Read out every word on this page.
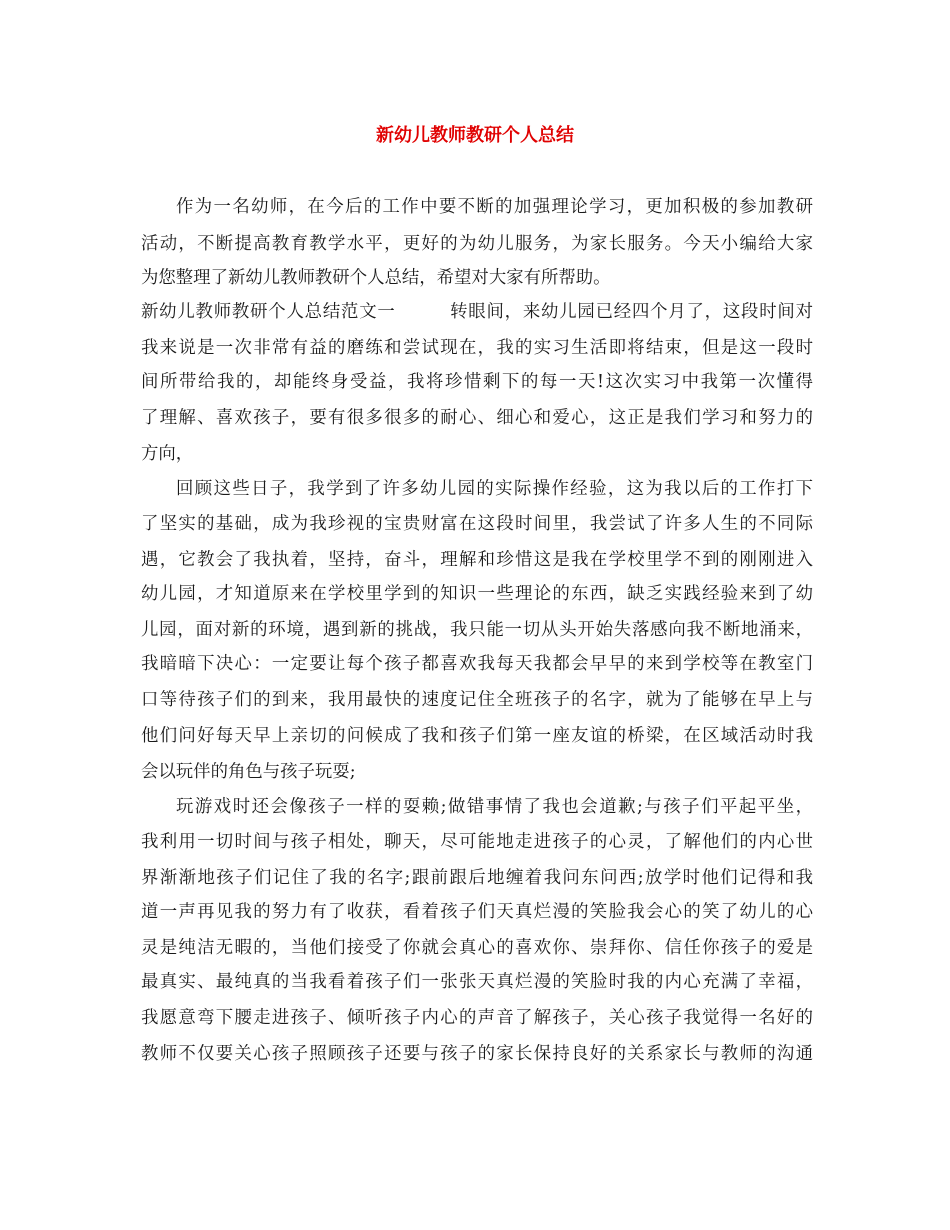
新幼儿教师教研个人总结
作为一名幼师，在今后的工作中要不断的加强理论学习，更加积极的参加教研
活动，不断提高教育教学水平，更好的为幼儿服务，为家长服务。今天小编给大家
为您整理了新幼儿教师教研个人总结，希望对大家有所帮助。
新幼儿教师教研个人总结范文一　　　转眼间，来幼儿园已经四个月了，这段时间对
我来说是一次非常有益的磨练和尝试现在，我的实习生活即将结束，但是这一段时
间所带给我的，却能终身受益，我将珍惜剩下的每一天!这次实习中我第一次懂得
了理解、喜欢孩子，要有很多很多的耐心、细心和爱心，这正是我们学习和努力的
方向，
回顾这些日子，我学到了许多幼儿园的实际操作经验，这为我以后的工作打下
了坚实的基础，成为我珍视的宝贵财富在这段时间里，我尝试了许多人生的不同际
遇，它教会了我执着，坚持，奋斗，理解和珍惜这是我在学校里学不到的刚刚进入
幼儿园，才知道原来在学校里学到的知识一些理论的东西，缺乏实践经验来到了幼
儿园，面对新的环境，遇到新的挑战，我只能一切从头开始失落感向我不断地涌来，
我暗暗下决心：一定要让每个孩子都喜欢我每天我都会早早的来到学校等在教室门
口等待孩子们的到来，我用最快的速度记住全班孩子的名字，就为了能够在早上与
他们问好每天早上亲切的问候成了我和孩子们第一座友谊的桥梁，在区域活动时我
会以玩伴的角色与孩子玩耍;
玩游戏时还会像孩子一样的耍赖;做错事情了我也会道歉;与孩子们平起平坐，
我利用一切时间与孩子相处，聊天，尽可能地走进孩子的心灵，了解他们的内心世
界渐渐地孩子们记住了我的名字;跟前跟后地缠着我问东问西;放学时他们记得和我
道一声再见我的努力有了收获，看着孩子们天真烂漫的笑脸我会心的笑了幼儿的心
灵是纯洁无暇的，当他们接受了你就会真心的喜欢你、崇拜你、信任你孩子的爱是
最真实、最纯真的当我看着孩子们一张张天真烂漫的笑脸时我的内心充满了幸福，
我愿意弯下腰走进孩子、倾听孩子内心的声音了解孩子，关心孩子我觉得一名好的
教师不仅要关心孩子照顾孩子还要与孩子的家长保持良好的关系家长与教师的沟通
